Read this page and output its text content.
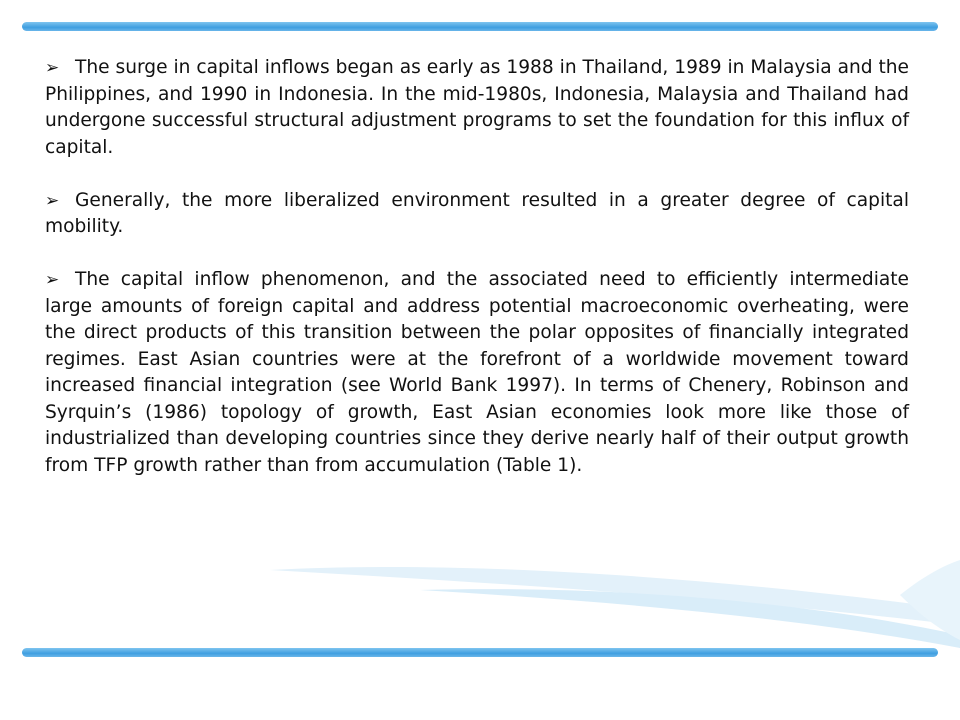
➢ The surge in capital inflows began as early as 1988 in Thailand, 1989 in Malaysia and the Philippines, and 1990 in Indonesia. In the mid-1980s, Indonesia, Malaysia and Thailand had undergone successful structural adjustment programs to set the foundation for this influx of capital.

➢ Generally, the more liberalized environment resulted in a greater degree of capital mobility.

➢ The capital inflow phenomenon, and the associated need to efficiently intermediate large amounts of foreign capital and address potential macroeconomic overheating, were the direct products of this transition between the polar opposites of financially integrated regimes. East Asian countries were at the forefront of a worldwide movement toward increased financial integration (see World Bank 1997). In terms of Chenery, Robinson and Syrquin’s (1986) topology of growth, East Asian economies look more like those of industrialized than developing countries since they derive nearly half of their output growth from TFP growth rather than from accumulation (Table 1).
